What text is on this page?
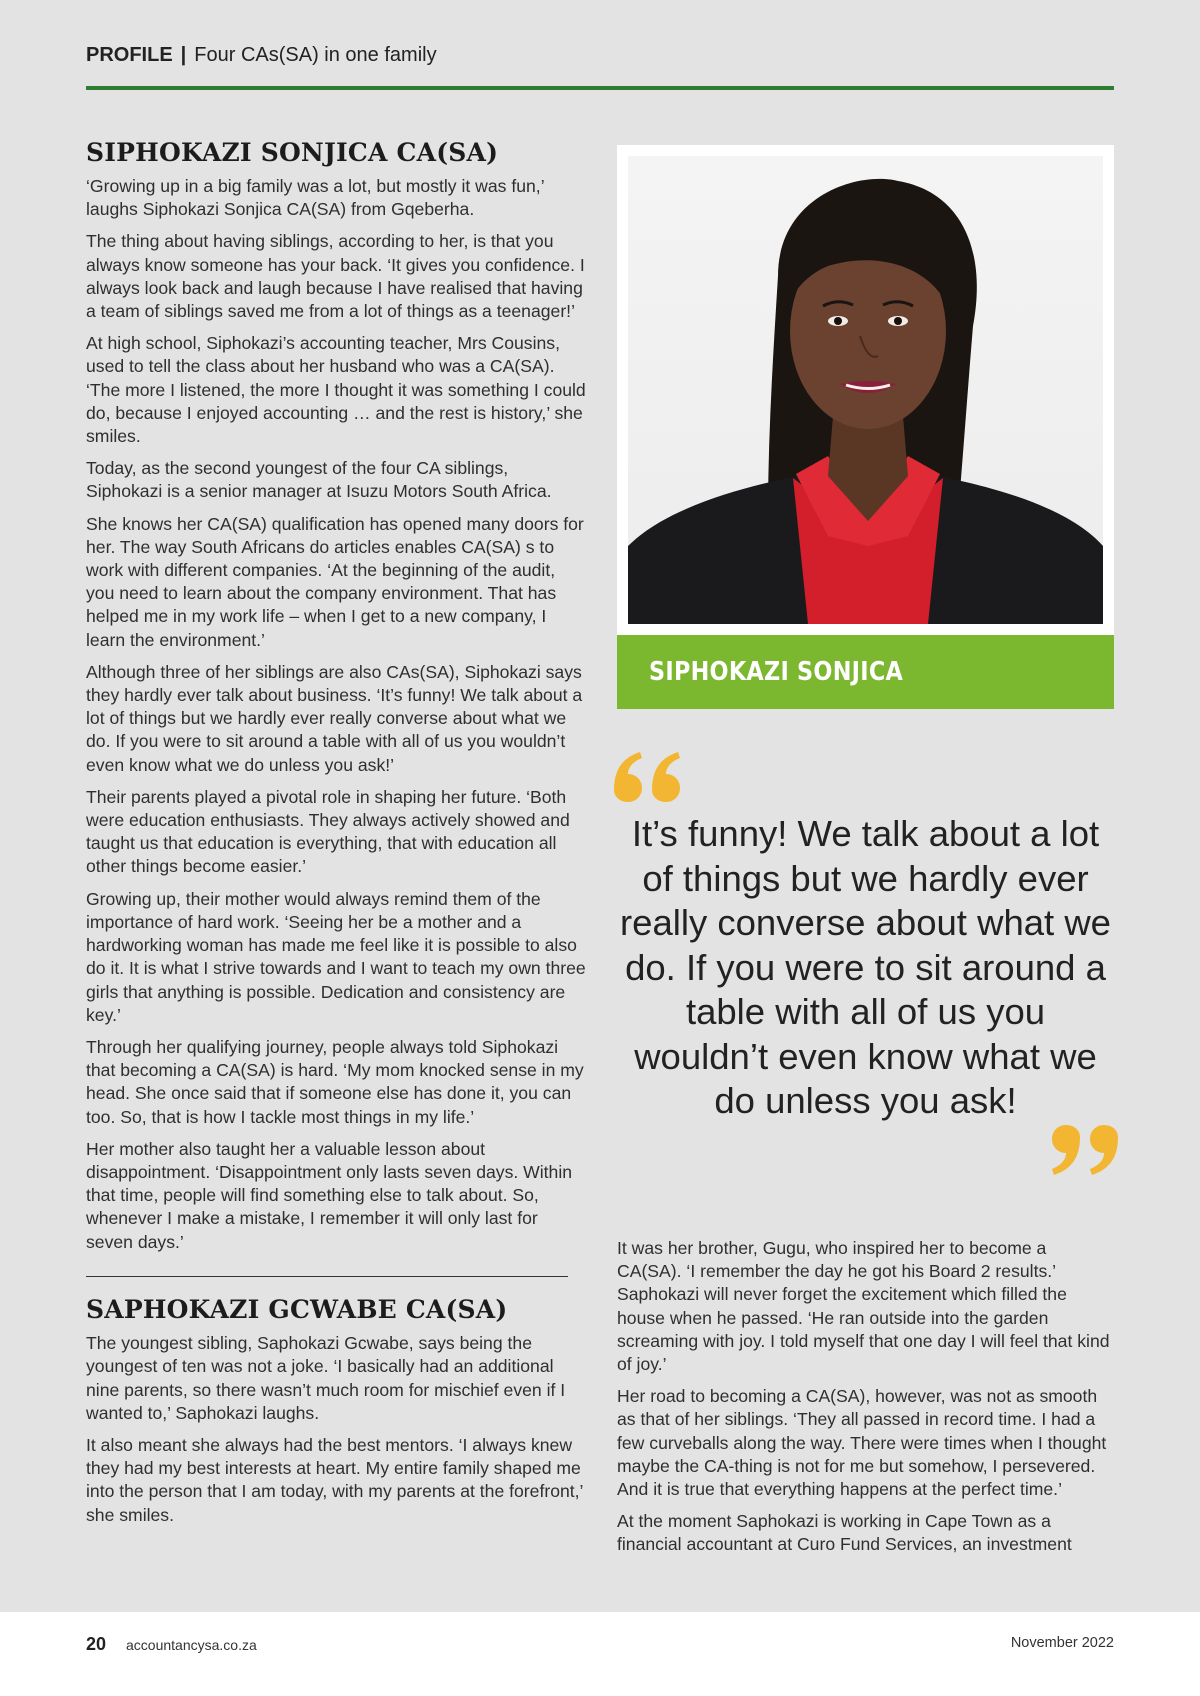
PROFILE | Four CAs(SA) in one family
SIPHOKAZI SONJICA CA(SA)

‘Growing up in a big family was a lot, but mostly it was fun,’ laughs Siphokazi Sonjica CA(SA) from Gqeberha.

The thing about having siblings, according to her, is that you always know someone has your back. ‘It gives you confidence. I always look back and laugh because I have realised that having a team of siblings saved me from a lot of things as a teenager!’

At high school, Siphokazi’s accounting teacher, Mrs Cousins, used to tell the class about her husband who was a CA(SA). ‘The more I listened, the more I thought it was something I could do, because I enjoyed accounting … and the rest is history,’ she smiles.

Today, as the second youngest of the four CA siblings, Siphokazi is a senior manager at Isuzu Motors South Africa.

She knows her CA(SA) qualification has opened many doors for her. The way South Africans do articles enables CA(SA) s to work with different companies. ‘At the beginning of the audit, you need to learn about the company environment. That has helped me in my work life – when I get to a new company, I learn the environment.’

Although three of her siblings are also CAs(SA), Siphokazi says they hardly ever talk about business. ‘It’s funny! We talk about a lot of things but we hardly ever really converse about what we do. If you were to sit around a table with all of us you wouldn’t even know what we do unless you ask!’

Their parents played a pivotal role in shaping her future. ‘Both were education enthusiasts. They always actively showed and taught us that education is everything, that with education all other things become easier.’

Growing up, their mother would always remind them of the importance of hard work. ‘Seeing her be a mother and a hardworking woman has made me feel like it is possible to also do it. It is what I strive towards and I want to teach my own three girls that anything is possible. Dedication and consistency are key.’

Through her qualifying journey, people always told Siphokazi that becoming a CA(SA) is hard. ‘My mom knocked sense in my head. She once said that if someone else has done it, you can too. So, that is how I tackle most things in my life.’

Her mother also taught her a valuable lesson about disappointment. ‘Disappointment only lasts seven days. Within that time, people will find something else to talk about. So, whenever I make a mistake, I remember it will only last for seven days.’

SAPHOKAZI GCWABE CA(SA)

The youngest sibling, Saphokazi Gcwabe, says being the youngest of ten was not a joke. ‘I basically had an additional nine parents, so there wasn’t much room for mischief even if I wanted to,’ Saphokazi laughs.

It also meant she always had the best mentors. ‘I always knew they had my best interests at heart. My entire family shaped me into the person that I am today, with my parents at the forefront,’ she smiles.

SIPHOKAZI SONJICA
It’s funny! We talk about a lot of things but we hardly ever really converse about what we do. If you were to sit around a table with all of us you wouldn’t even know what we do unless you ask!

It was her brother, Gugu, who inspired her to become a CA(SA). ‘I remember the day he got his Board 2 results.’ Saphokazi will never forget the excitement which filled the house when he passed. ‘He ran outside into the garden screaming with joy. I told myself that one day I will feel that kind of joy.’

Her road to becoming a CA(SA), however, was not as smooth as that of her siblings. ‘They all passed in record time. I had a few curveballs along the way. There were times when I thought maybe the CA-thing is not for me but somehow, I persevered. And it is true that everything happens at the perfect time.’

At the moment Saphokazi is working in Cape Town as a financial accountant at Curo Fund Services, an investment

20 accountancysa.co.za	November 2022
